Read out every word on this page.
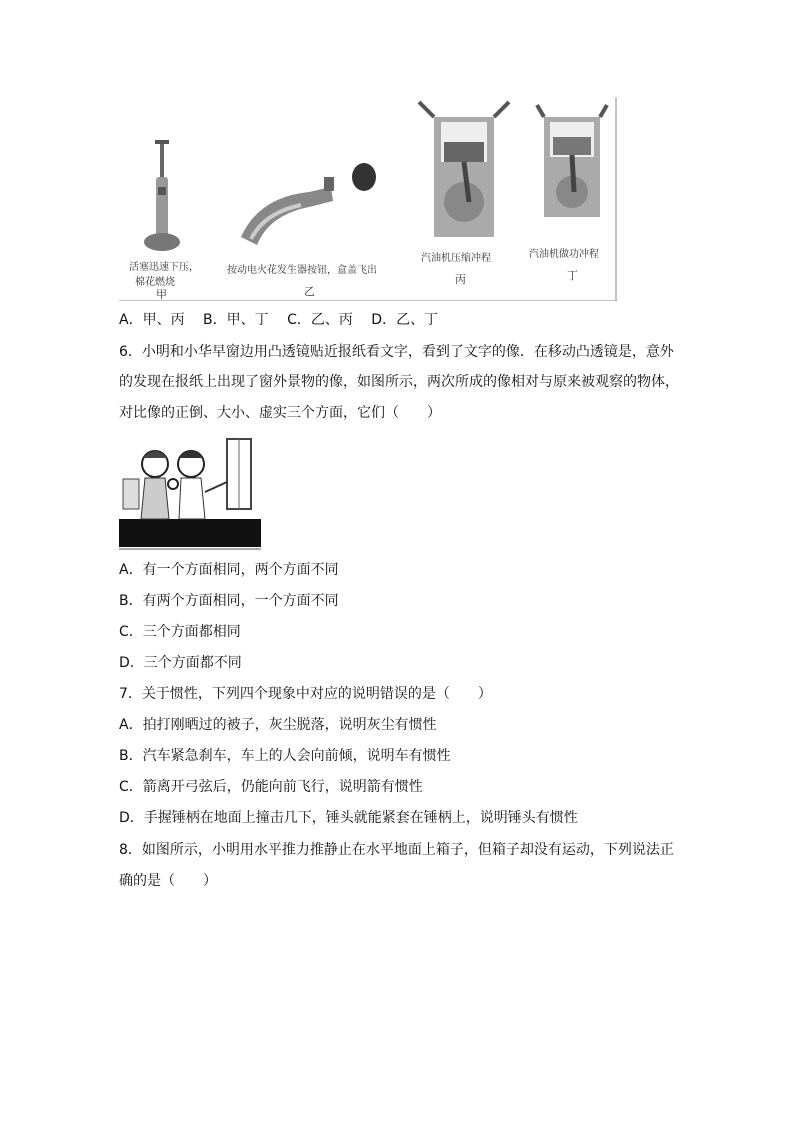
活塞迅速下压，
棉花燃烧
甲
按动电火花发生器按钮，盒盖飞出
乙
汽油机压缩冲程
丙
汽油机做功冲程
丁
A．甲、丙　 B．甲、丁　 C．乙、丙　 D．乙、丁
6．小明和小华早窗边用凸透镜贴近报纸看文字，看到了文字的像．在移动凸透镜是，意外
的发现在报纸上出现了窗外景物的像，如图所示，两次所成的像相对与原来被观察的物体，
对比像的正倒、大小、虚实三个方面，它们（　　）
A．有一个方面相同，两个方面不同
B．有两个方面相同，一个方面不同
C．三个方面都相同
D．三个方面都不同
7．关于惯性，下列四个现象中对应的说明错误的是（　　）
A．拍打刚晒过的被子，灰尘脱落，说明灰尘有惯性
B．汽车紧急刹车，车上的人会向前倾，说明车有惯性
C．箭离开弓弦后，仍能向前飞行，说明箭有惯性
D．手握锤柄在地面上撞击几下，锤头就能紧套在锤柄上，说明锤头有惯性
8．如图所示，小明用水平推力推静止在水平地面上箱子，但箱子却没有运动，下列说法正
确的是（　　）
